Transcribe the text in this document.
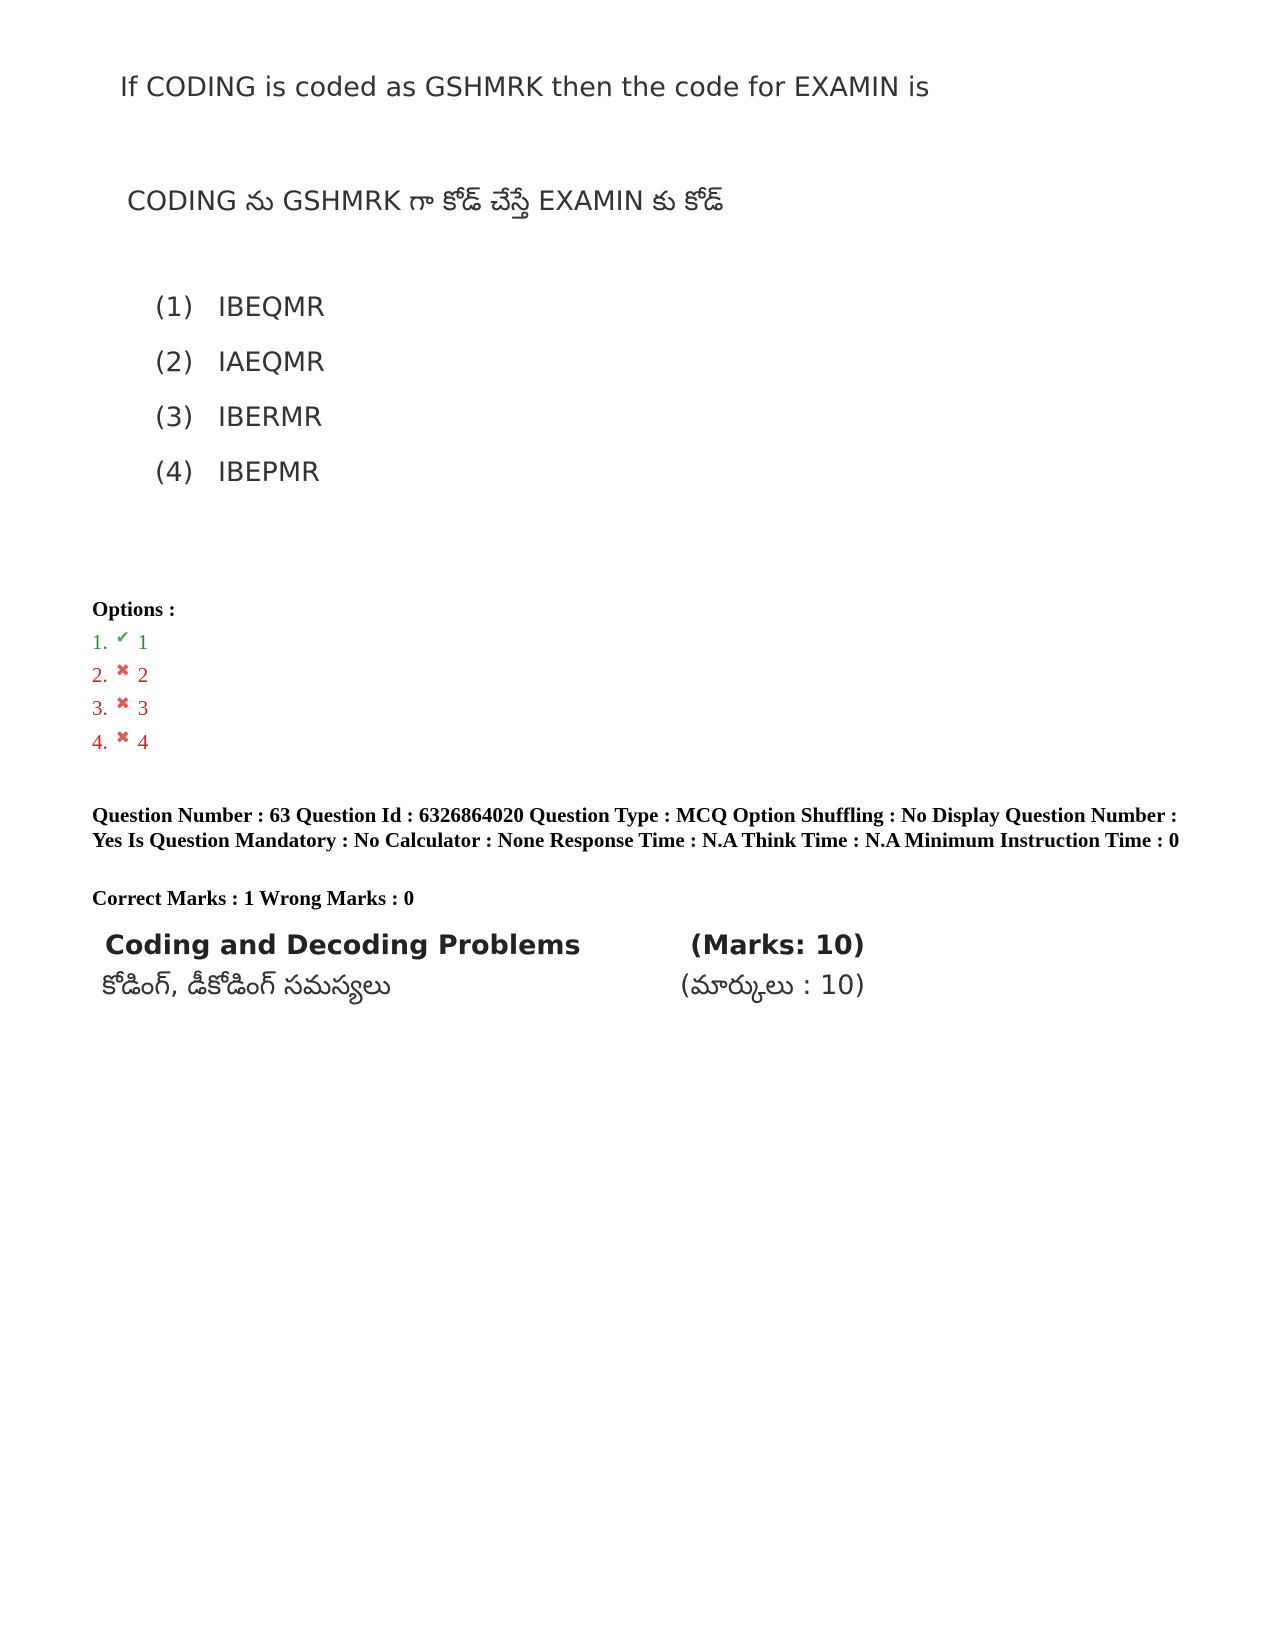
If CODING is coded as GSHMRK then the code for EXAMIN is
CODING ను GSHMRK గా కోడ్ చేస్తే EXAMIN కు కోడ్
(1) IBEQMR
(2) IAEQMR
(3) IBERMR
(4) IBEPMR
Options :
1. ✔ 1
2. ✖ 2
3. ✖ 3
4. ✖ 4
Question Number : 63 Question Id : 6326864020 Question Type : MCQ Option Shuffling : No Display Question Number : Yes Is Question Mandatory : No Calculator : None Response Time : N.A Think Time : N.A Minimum Instruction Time : 0
Correct Marks : 1 Wrong Marks : 0
Coding and Decoding Problems	(Marks: 10)
కోడింగ్, డీకోడింగ్ సమస్యలు	(మార్కులు : 10)
